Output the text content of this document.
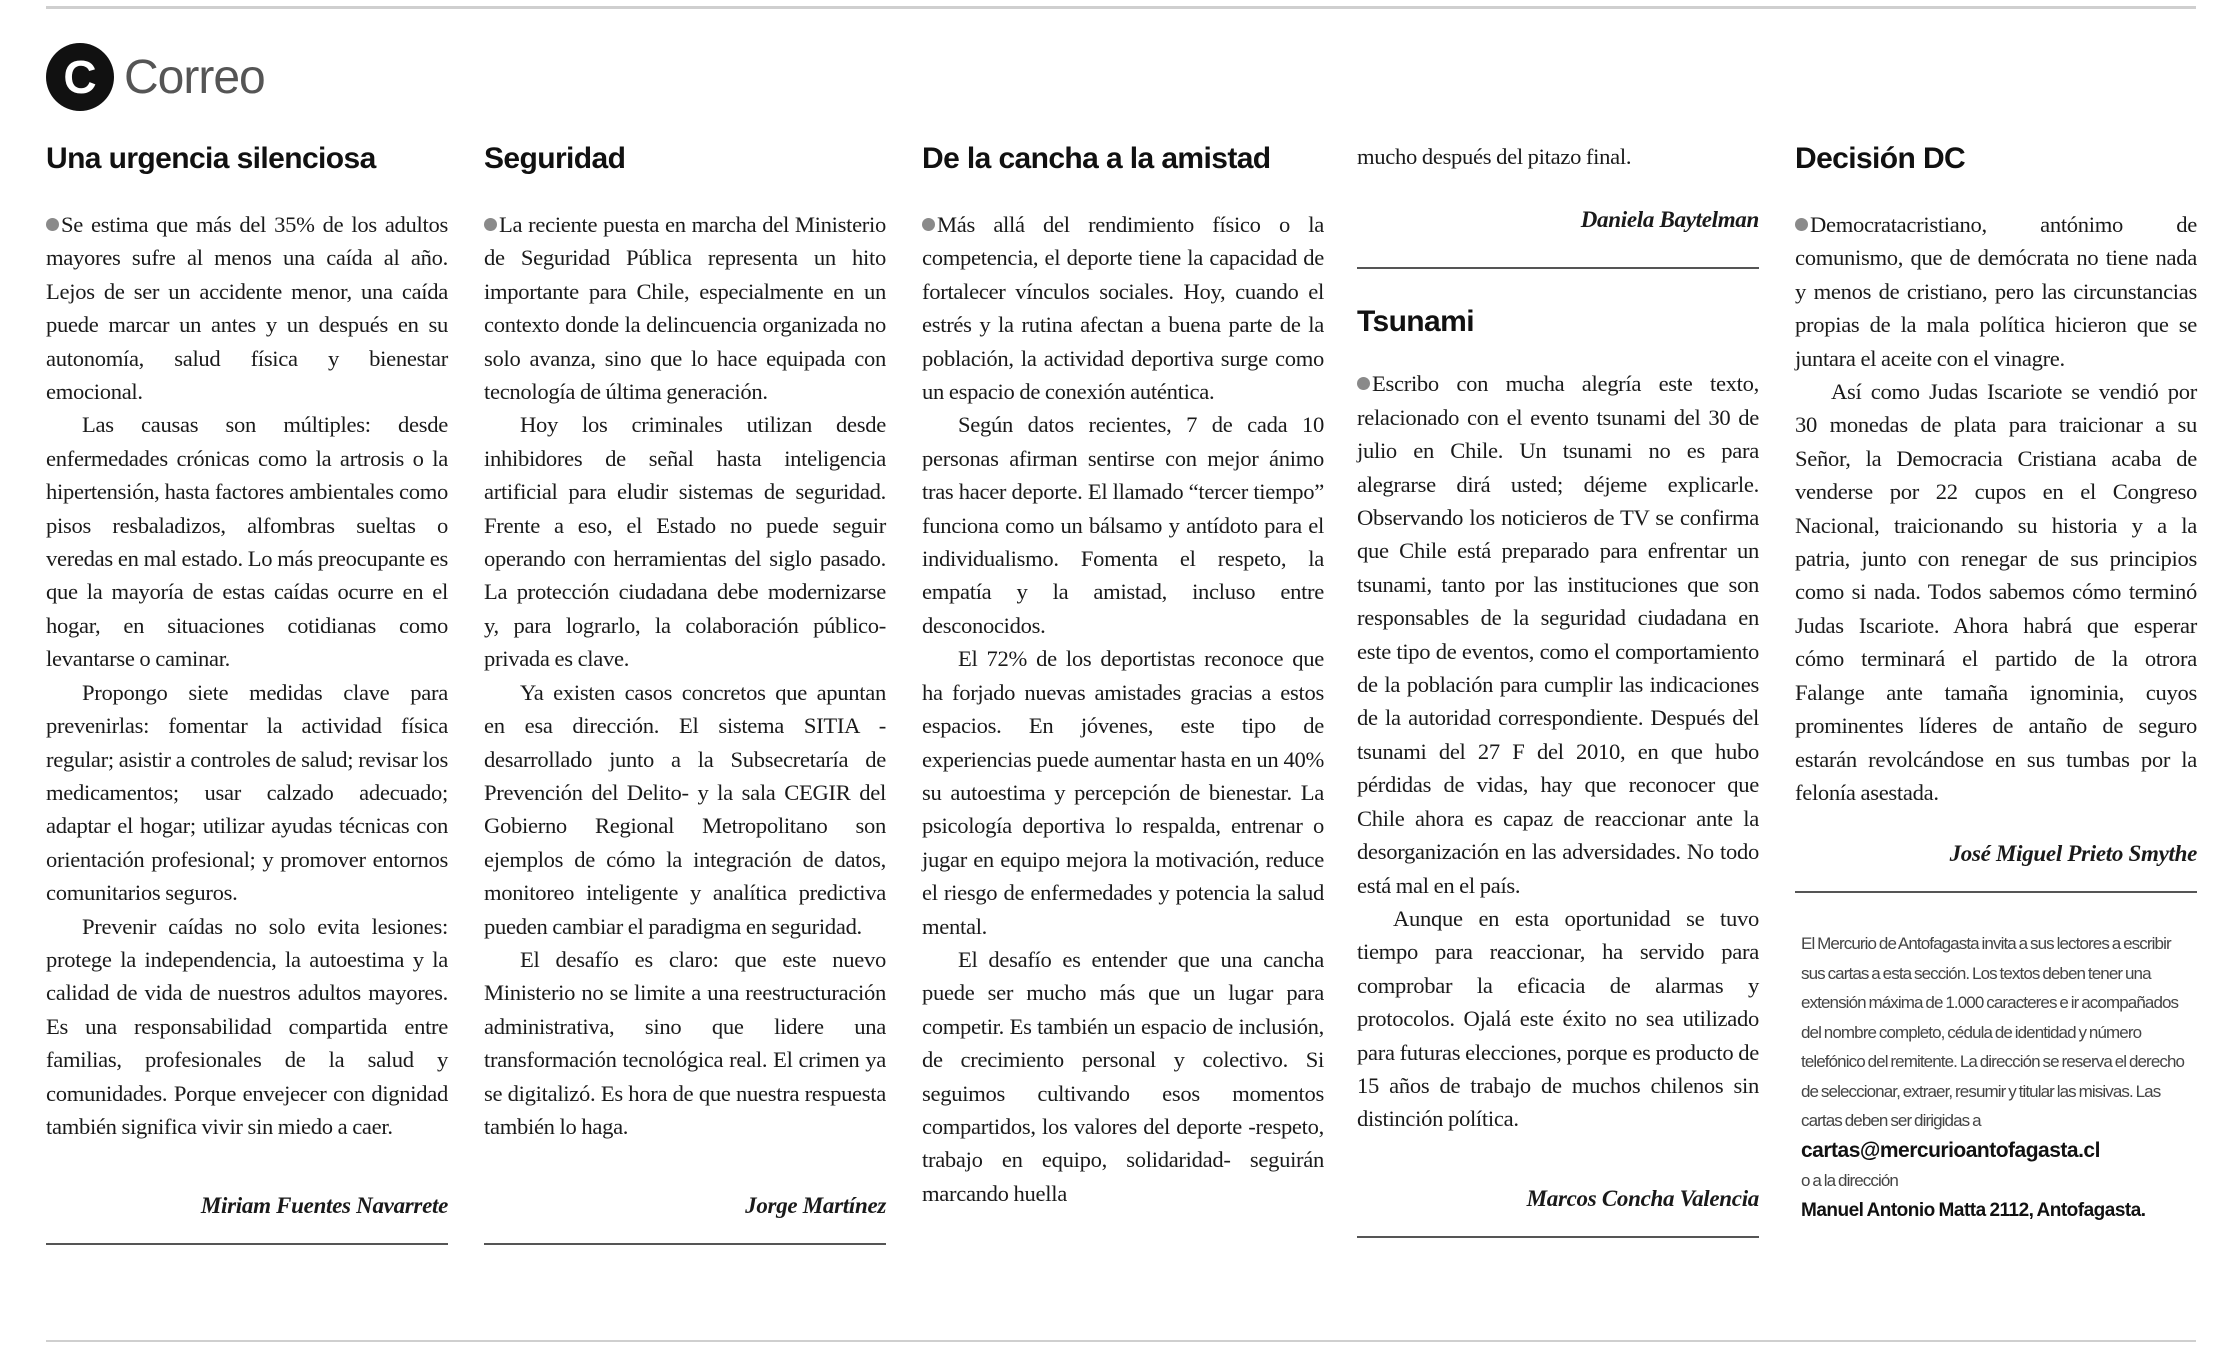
C Correo
Una urgencia silenciosa

Se estima que más del 35% de los adultos mayores sufre al menos una caída al año. Lejos de ser un accidente menor, una caída puede marcar un antes y un después en su autonomía, salud física y bienestar emocional.

Las causas son múltiples: desde enfermedades crónicas como la artrosis o la hipertensión, hasta factores ambientales como pisos resbaladizos, alfombras sueltas o veredas en mal estado. Lo más preocupante es que la mayoría de estas caídas ocurre en el hogar, en situaciones cotidianas como levantarse o caminar.

Propongo siete medidas clave para prevenirlas: fomentar la actividad física regular; asistir a controles de salud; revisar los medicamentos; usar calzado adecuado; adaptar el hogar; utilizar ayudas técnicas con orientación profesional; y promover entornos comunitarios seguros.

Prevenir caídas no solo evita lesiones: protege la independencia, la autoestima y la calidad de vida de nuestros adultos mayores. Es una responsabilidad compartida entre familias, profesionales de la salud y comunidades. Porque envejecer con dignidad también significa vivir sin miedo a caer.

Miriam Fuentes Navarrete

Seguridad

La reciente puesta en marcha del Ministerio de Seguridad Pública representa un hito importante para Chile, especialmente en un contexto donde la delincuencia organizada no solo avanza, sino que lo hace equipada con tecnología de última generación.

Hoy los criminales utilizan desde inhibidores de señal hasta inteligencia artificial para eludir sistemas de seguridad. Frente a eso, el Estado no puede seguir operando con herramientas del siglo pasado. La protección ciudadana debe modernizarse y, para lograrlo, la colaboración público-privada es clave.

Ya existen casos concretos que apuntan en esa dirección. El sistema SITIA -desarrollado junto a la Subsecretaría de Prevención del Delito- y la sala CEGIR del Gobierno Regional Metropolitano son ejemplos de cómo la integración de datos, monitoreo inteligente y analítica predictiva pueden cambiar el paradigma en seguridad.

El desafío es claro: que este nuevo Ministerio no se limite a una reestructuración administrativa, sino que lidere una transformación tecnológica real. El crimen ya se digitalizó. Es hora de que nuestra respuesta también lo haga.

Jorge Martínez

De la cancha a la amistad

Más allá del rendimiento físico o la competencia, el deporte tiene la capacidad de fortalecer vínculos sociales. Hoy, cuando el estrés y la rutina afectan a buena parte de la población, la actividad deportiva surge como un espacio de conexión auténtica.

Según datos recientes, 7 de cada 10 personas afirman sentirse con mejor ánimo tras hacer deporte. El llamado “tercer tiempo” funciona como un bálsamo y antídoto para el individualismo. Fomenta el respeto, la empatía y la amistad, incluso entre desconocidos.

El 72% de los deportistas reconoce que ha forjado nuevas amistades gracias a estos espacios. En jóvenes, este tipo de experiencias puede aumentar hasta en un 40% su autoestima y percepción de bienestar. La psicología deportiva lo respalda, entrenar o jugar en equipo mejora la motivación, reduce el riesgo de enfermedades y potencia la salud mental.

El desafío es entender que una cancha puede ser mucho más que un lugar para competir. Es también un espacio de inclusión, de crecimiento personal y colectivo. Si seguimos cultivando esos momentos compartidos, los valores del deporte -respeto, trabajo en equipo, solidaridad- seguirán marcando huella

mucho después del pitazo final.

Daniela Baytelman

Tsunami

Escribo con mucha alegría este texto, relacionado con el evento tsunami del 30 de julio en Chile. Un tsunami no es para alegrarse dirá usted; déjeme explicarle. Observando los noticieros de TV se confirma que Chile está preparado para enfrentar un tsunami, tanto por las instituciones que son responsables de la seguridad ciudadana en este tipo de eventos, como el comportamiento de la población para cumplir las indicaciones de la autoridad correspondiente. Después del tsunami del 27 F del 2010, en que hubo pérdidas de vidas, hay que reconocer que Chile ahora es capaz de reaccionar ante la desorganización en las adversidades. No todo está mal en el país.

Aunque en esta oportunidad se tuvo tiempo para reaccionar, ha servido para comprobar la eficacia de alarmas y protocolos. Ojalá este éxito no sea utilizado para futuras elecciones, porque es producto de 15 años de trabajo de muchos chilenos sin distinción política.

Marcos Concha Valencia

Decisión DC

Democratacristiano, antónimo de comunismo, que de demócrata no tiene nada y menos de cristiano, pero las circunstancias propias de la mala política hicieron que se juntara el aceite con el vinagre.

Así como Judas Iscariote se vendió por 30 monedas de plata para traicionar a su Señor, la Democracia Cristiana acaba de venderse por 22 cupos en el Congreso Nacional, traicionando su historia y a la patria, junto con renegar de sus principios como si nada. Todos sabemos cómo terminó Judas Iscariote. Ahora habrá que esperar cómo terminará el partido de la otrora Falange ante tamaña ignominia, cuyos prominentes líderes de antaño de seguro estarán revolcándose en sus tumbas por la felonía asestada.

José Miguel Prieto Smythe

El Mercurio de Antofagasta invita a sus lectores a escribir sus cartas a esta sección. Los textos deben tener una extensión máxima de 1.000 caracteres e ir acompañados del nombre completo, cédula de identidad y número telefónico del remitente. La dirección se reserva el derecho de seleccionar, extraer, resumir y titular las misivas. Las cartas deben ser dirigidas a
cartas@mercurioantofagasta.cl
o a la dirección
Manuel Antonio Matta 2112, Antofagasta.
